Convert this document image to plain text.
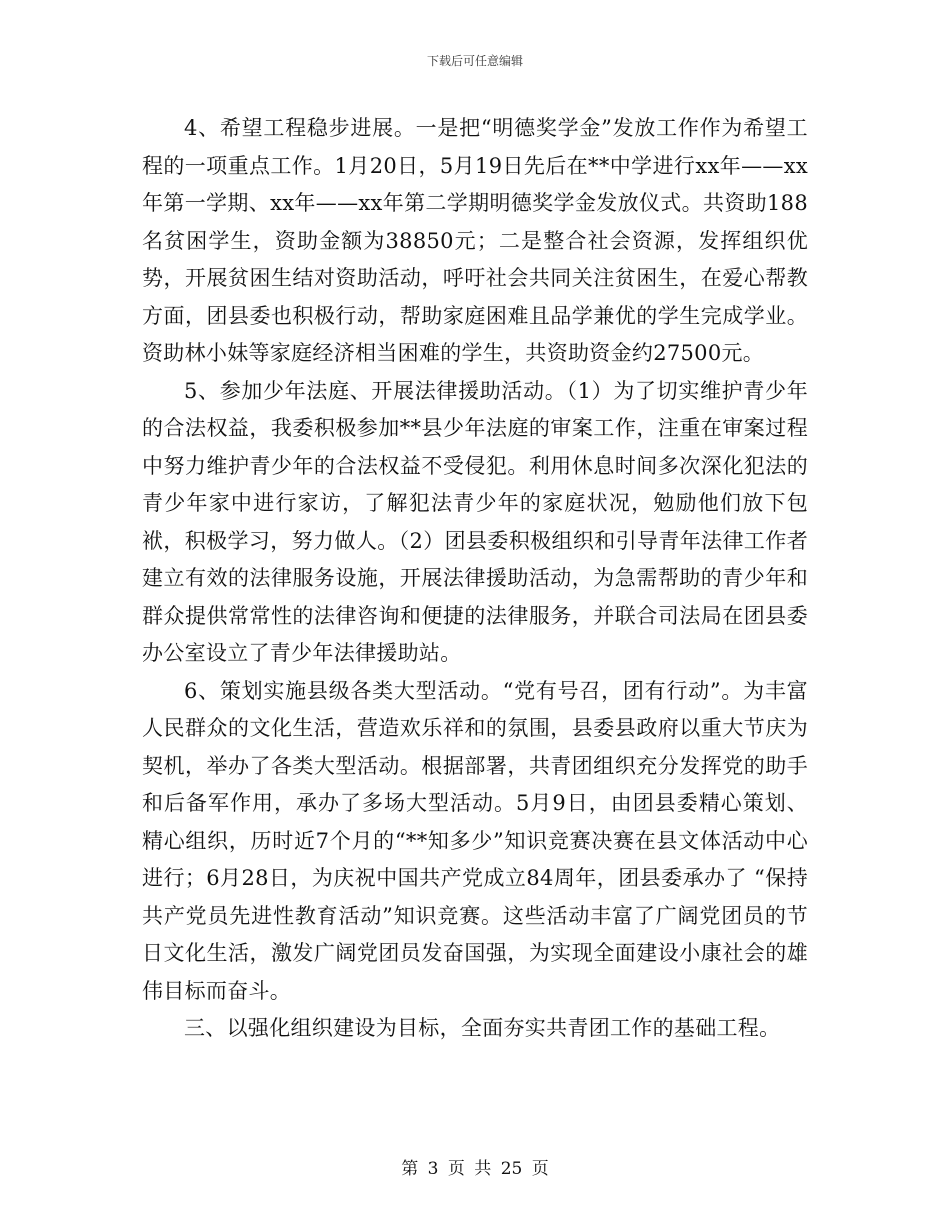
下载后可任意编辑

4、希望工程稳步进展。一是把“明德奖学金”发放工作作为希望工程的一项重点工作。1月20日，5月19日先后在**中学进行xx年——xx年第一学期、xx年——xx年第二学期明德奖学金发放仪式。共资助188名贫困学生，资助金额为38850元；二是整合社会资源，发挥组织优势，开展贫困生结对资助活动，呼吁社会共同关注贫困生，在爱心帮教方面，团县委也积极行动，帮助家庭困难且品学兼优的学生完成学业。资助林小妹等家庭经济相当困难的学生，共资助资金约27500元。

5、参加少年法庭、开展法律援助活动。（1）为了切实维护青少年的合法权益，我委积极参加**县少年法庭的审案工作，注重在审案过程中努力维护青少年的合法权益不受侵犯。利用休息时间多次深化犯法的青少年家中进行家访，了解犯法青少年的家庭状况，勉励他们放下包袱，积极学习，努力做人。（2）团县委积极组织和引导青年法律工作者建立有效的法律服务设施，开展法律援助活动，为急需帮助的青少年和群众提供常常性的法律咨询和便捷的法律服务，并联合司法局在团县委办公室设立了青少年法律援助站。

6、策划实施县级各类大型活动。“党有号召，团有行动”。为丰富人民群众的文化生活，营造欢乐祥和的氛围，县委县政府以重大节庆为契机，举办了各类大型活动。根据部署，共青团组织充分发挥党的助手和后备军作用，承办了多场大型活动。5月9日，由团县委精心策划、精心组织，历时近7个月的“**知多少”知识竞赛决赛在县文体活动中心进行；6月28日，为庆祝中国共产党成立84周年，团县委承办了 “保持共产党员先进性教育活动”知识竞赛。这些活动丰富了广阔党团员的节日文化生活，激发广阔党团员发奋国强，为实现全面建设小康社会的雄伟目标而奋斗。

三、以强化组织建设为目标，全面夯实共青团工作的基础工程。

第 3 页 共 25 页
